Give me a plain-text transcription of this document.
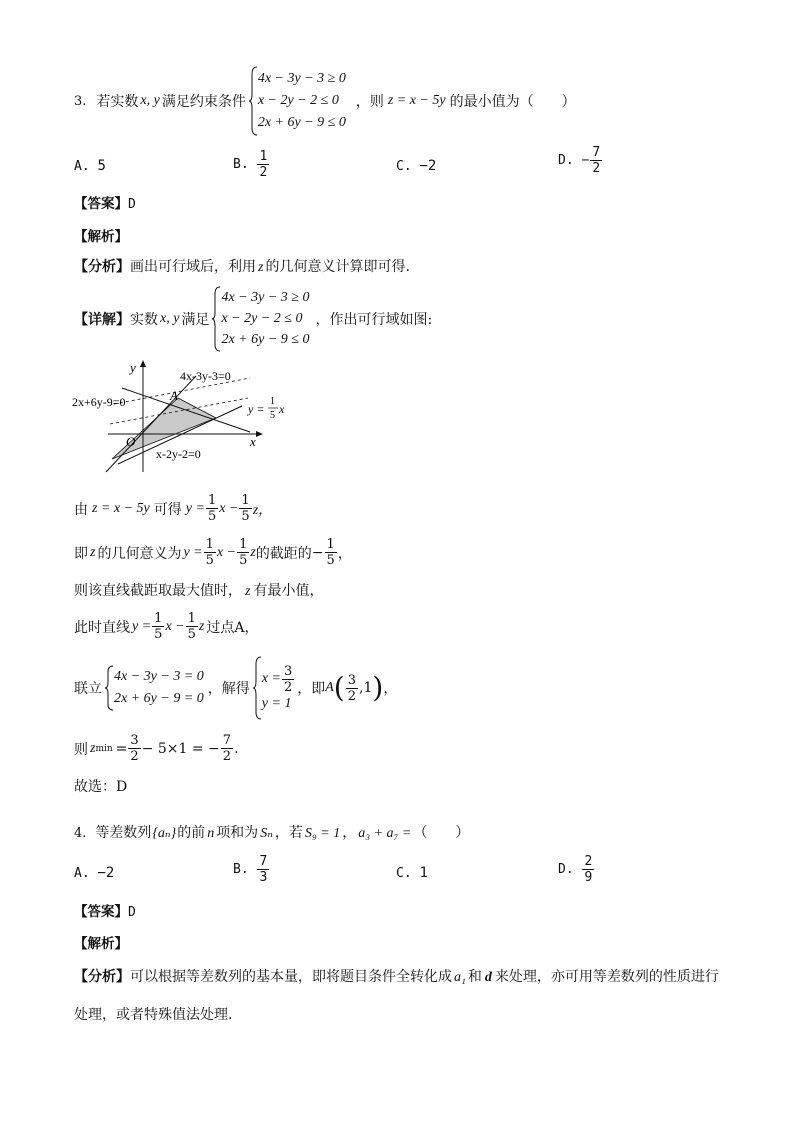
3. 若实数 x, y 满足约束条件
4x − 3y − 3 ≥ 0
x − 2y − 2 ≤ 0
2x + 6y − 9 ≤ 0
，则 z = x − 5y 的最小值为（　　）
A. 5	B.
$\frac{1}{2}$	C. −2	D.
− $\frac{7}{2}$
【答案】D
【解析】
【分析】画出可行域后，利用 z 的几何意义计算即可得.
【详解】 实数 x, y 满足
4x − 3y − 3 ≥ 0
x − 2y − 2 ≤ 0
2x + 6y − 9 ≤ 0
，作出可行域如图:
y
x
O
A
4x-3y-3=0
2x+6y-9=0
x-2y-2=0
y =
1
5 x
由 z = x − 5y 可得 $y = \frac{1}{5}$ $x - \frac{1}{5}$ z，
即 z 的几何意义为 $y = \frac{1}{5}$ $x - \frac{1}{5}$ z 的截距的 − $\frac{1}{5}$ ，
则该直线截距取最大值时， z 有最小值，
此时直线 $y = \frac{1}{5}$ $x - \frac{1}{5}$ z 过点A，
联立
4x − 3y − 3 = 0
2x + 6y − 9 = 0
，解得
$x = \frac{3}{2}$
y = 1
，即 A ( $\frac{3}{2} ,1$ ) ，
则 z $\min = \frac{3}{2} - 5\times 1$ = − $\frac{7}{2}$ .
故选：D
4. 等差数列{aₙ}的前 n 项和为 Sₙ ，若 S₉ = 1 ， a₃ + a₇ = （　　）
A. −2	B.
$\frac{7}{3}$	C. 1	D.
$\frac{2}{9}$
【答案】D
【解析】
【分析】可以根据等差数列的基本量，即将题目条件全转化成 a₁ 和 d 来处理，亦可用等差数列的性质进行
处理，或者特殊值法处理.
